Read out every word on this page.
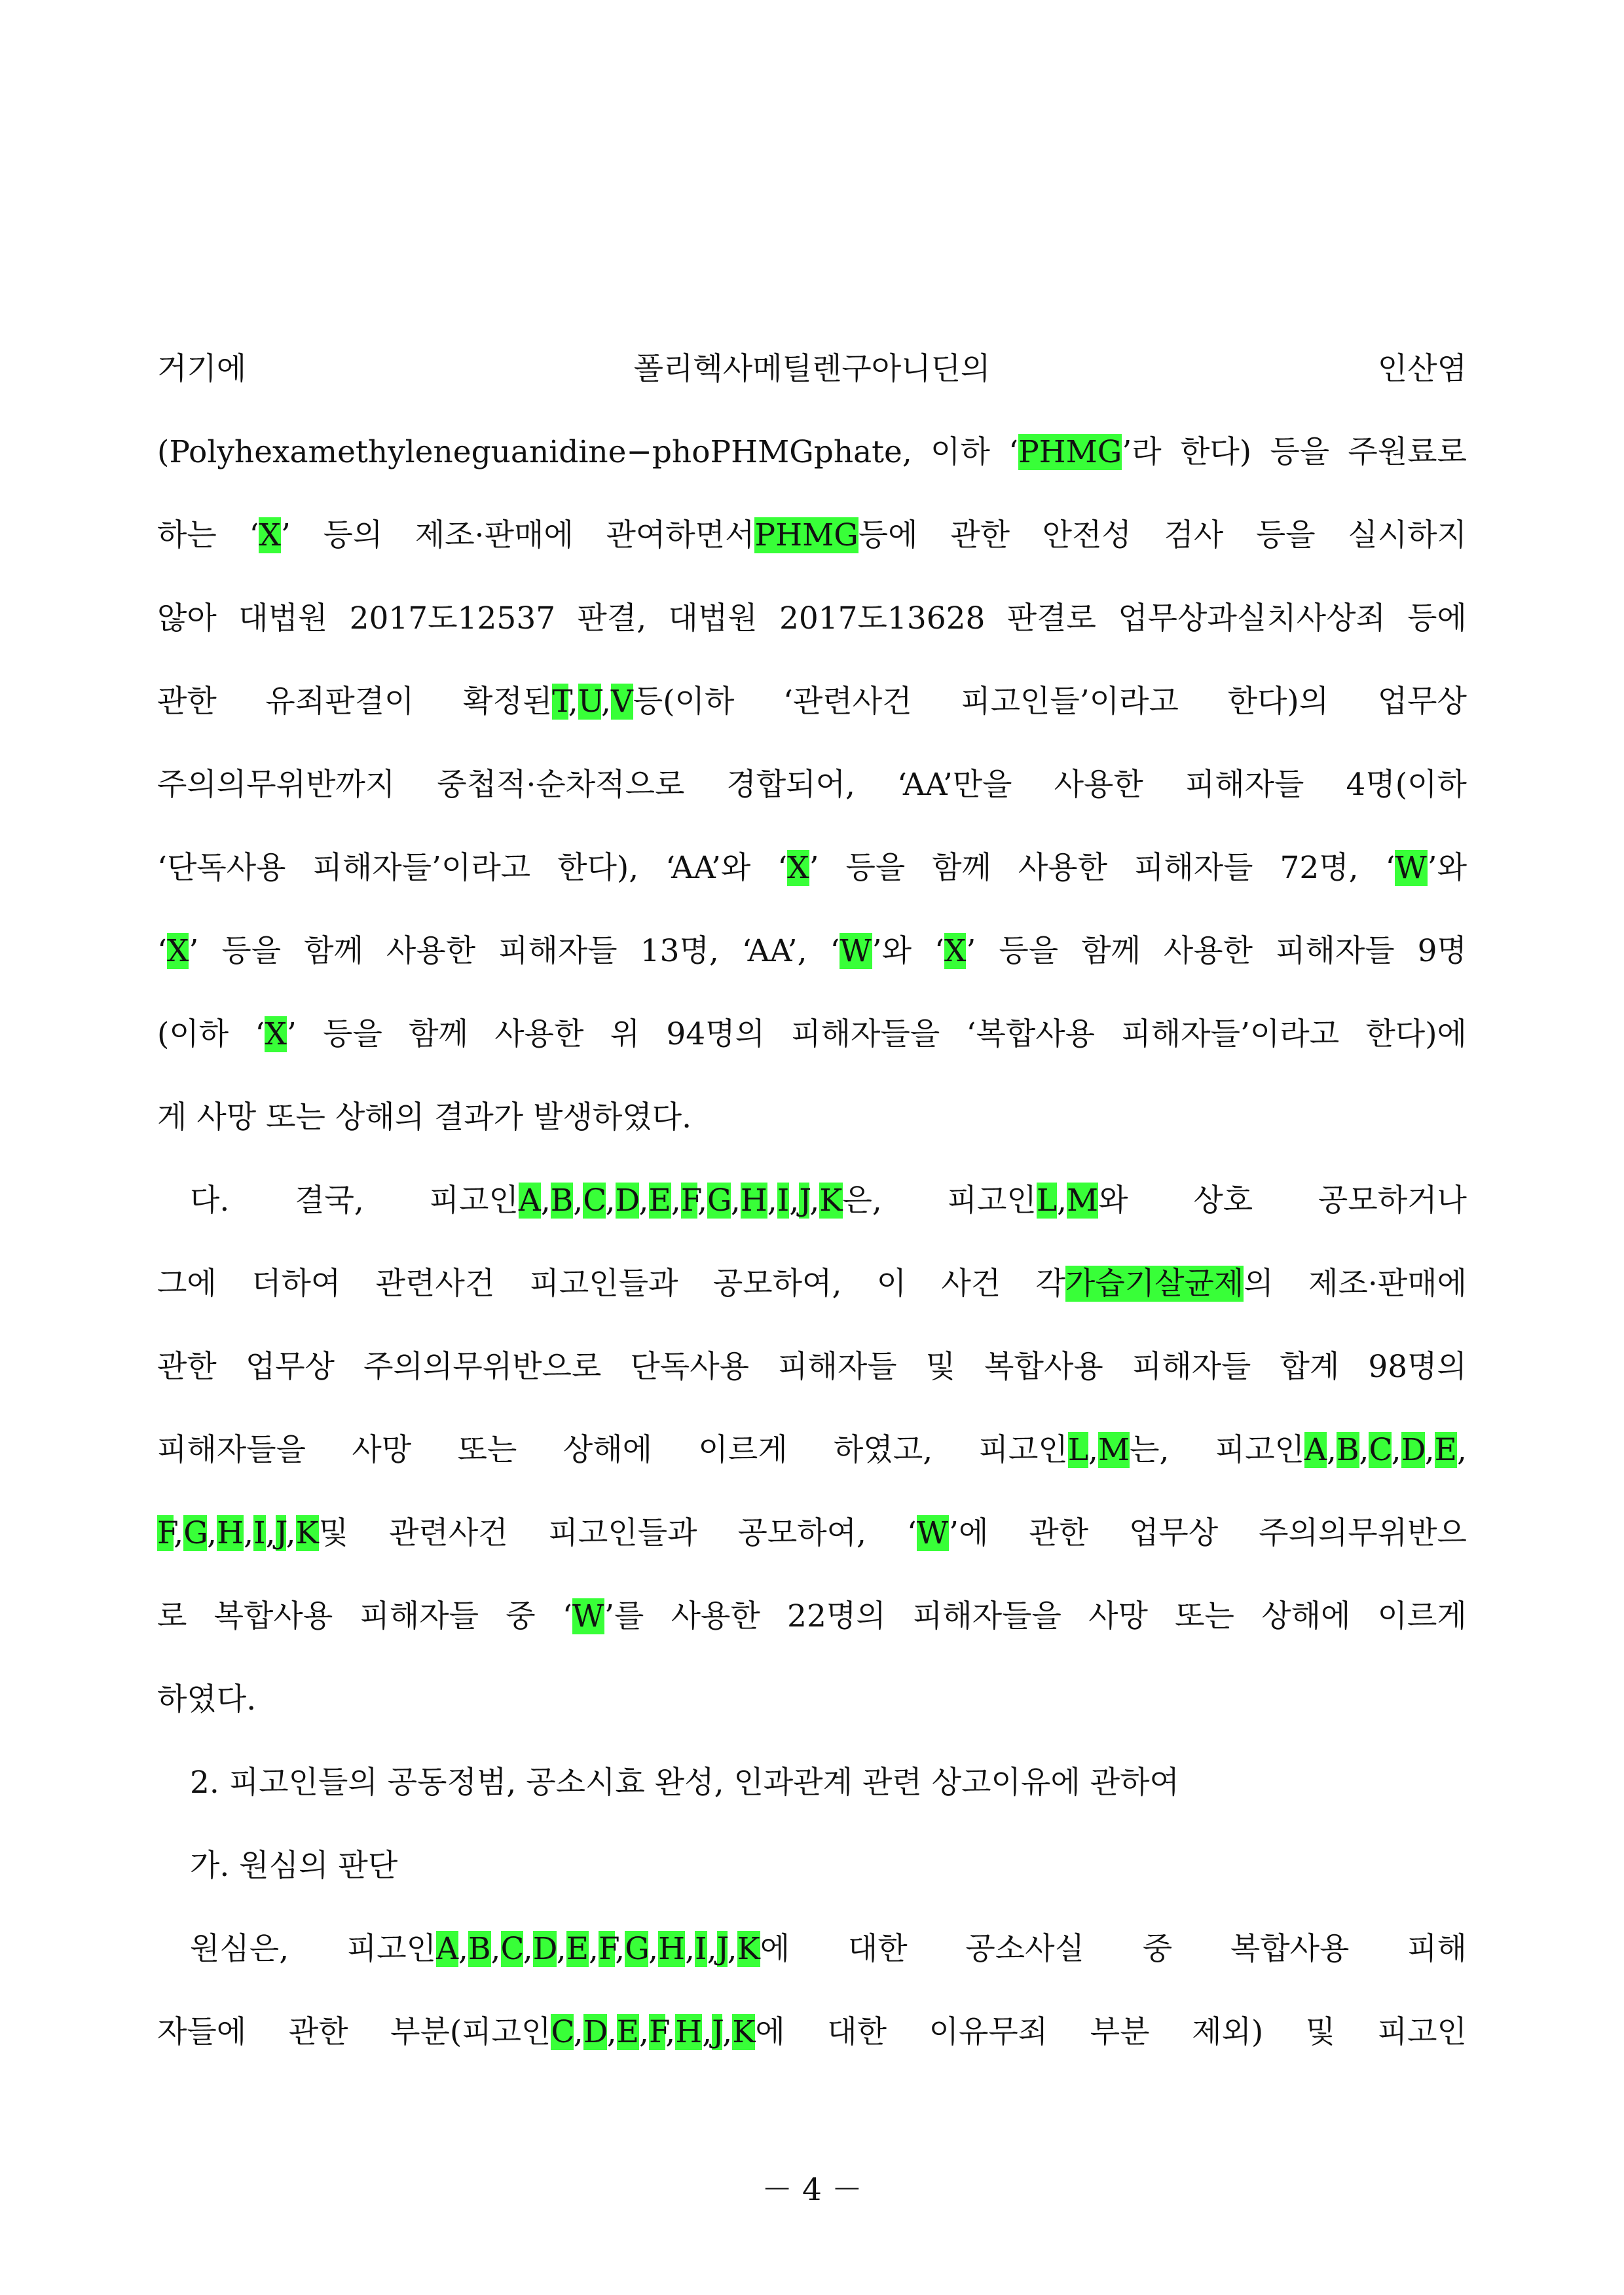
거기에	폴리헥사메틸렌구아니딘의	인산염
(Polyhexamethyleneguanidine−phoPHMGphate, 이하 ‘PHMG’라 한다) 등을 주원료로
하는 ‘X’ 등의 제조·판매에 관여하면서PHMG등에 관한 안전성 검사 등을 실시하지
않아 대법원 2017도12537 판결, 대법원 2017도13628 판결로 업무상과실치사상죄 등에
관한 유죄판결이 확정된T,U,V등(이하 ‘관련사건 피고인들’이라고 한다)의 업무상
주의의무위반까지 중첩적·순차적으로 경합되어, ‘AA’만을 사용한 피해자들 4명(이하
‘단독사용 피해자들’이라고 한다), ‘AA’와 ‘X’ 등을 함께 사용한 피해자들 72명, ‘W’와
‘X’ 등을 함께 사용한 피해자들 13명, ‘AA’, ‘W’와 ‘X’ 등을 함께 사용한 피해자들 9명
(이하 ‘X’ 등을 함께 사용한 위 94명의 피해자들을 ‘복합사용 피해자들’이라고 한다)에
게 사망 또는 상해의 결과가 발생하였다.
다. 결국, 피고인A,B,C,D,E,F,G,H,I,J,K은, 피고인L,M와 상호 공모하거나
그에 더하여 관련사건 피고인들과 공모하여, 이 사건 각가습기살균제의 제조·판매에
관한 업무상 주의의무위반으로 단독사용 피해자들 및 복합사용 피해자들 합계 98명의
피해자들을 사망 또는 상해에 이르게 하였고, 피고인L,M는, 피고인A,B,C,D,E,
F,G,H,I,J,K및 관련사건 피고인들과 공모하여, ‘W’에 관한 업무상 주의의무위반으
로 복합사용 피해자들 중 ‘W’를 사용한 22명의 피해자들을 사망 또는 상해에 이르게
하였다.
2. 피고인들의 공동정범, 공소시효 완성, 인과관계 관련 상고이유에 관하여
가. 원심의 판단
원심은, 피고인A,B,C,D,E,F,G,H,I,J,K에 대한 공소사실 중 복합사용 피해
자들에 관한 부분(피고인C,D,E,F,H,J,K에 대한 이유무죄 부분 제외) 및 피고인
－ 4 －
